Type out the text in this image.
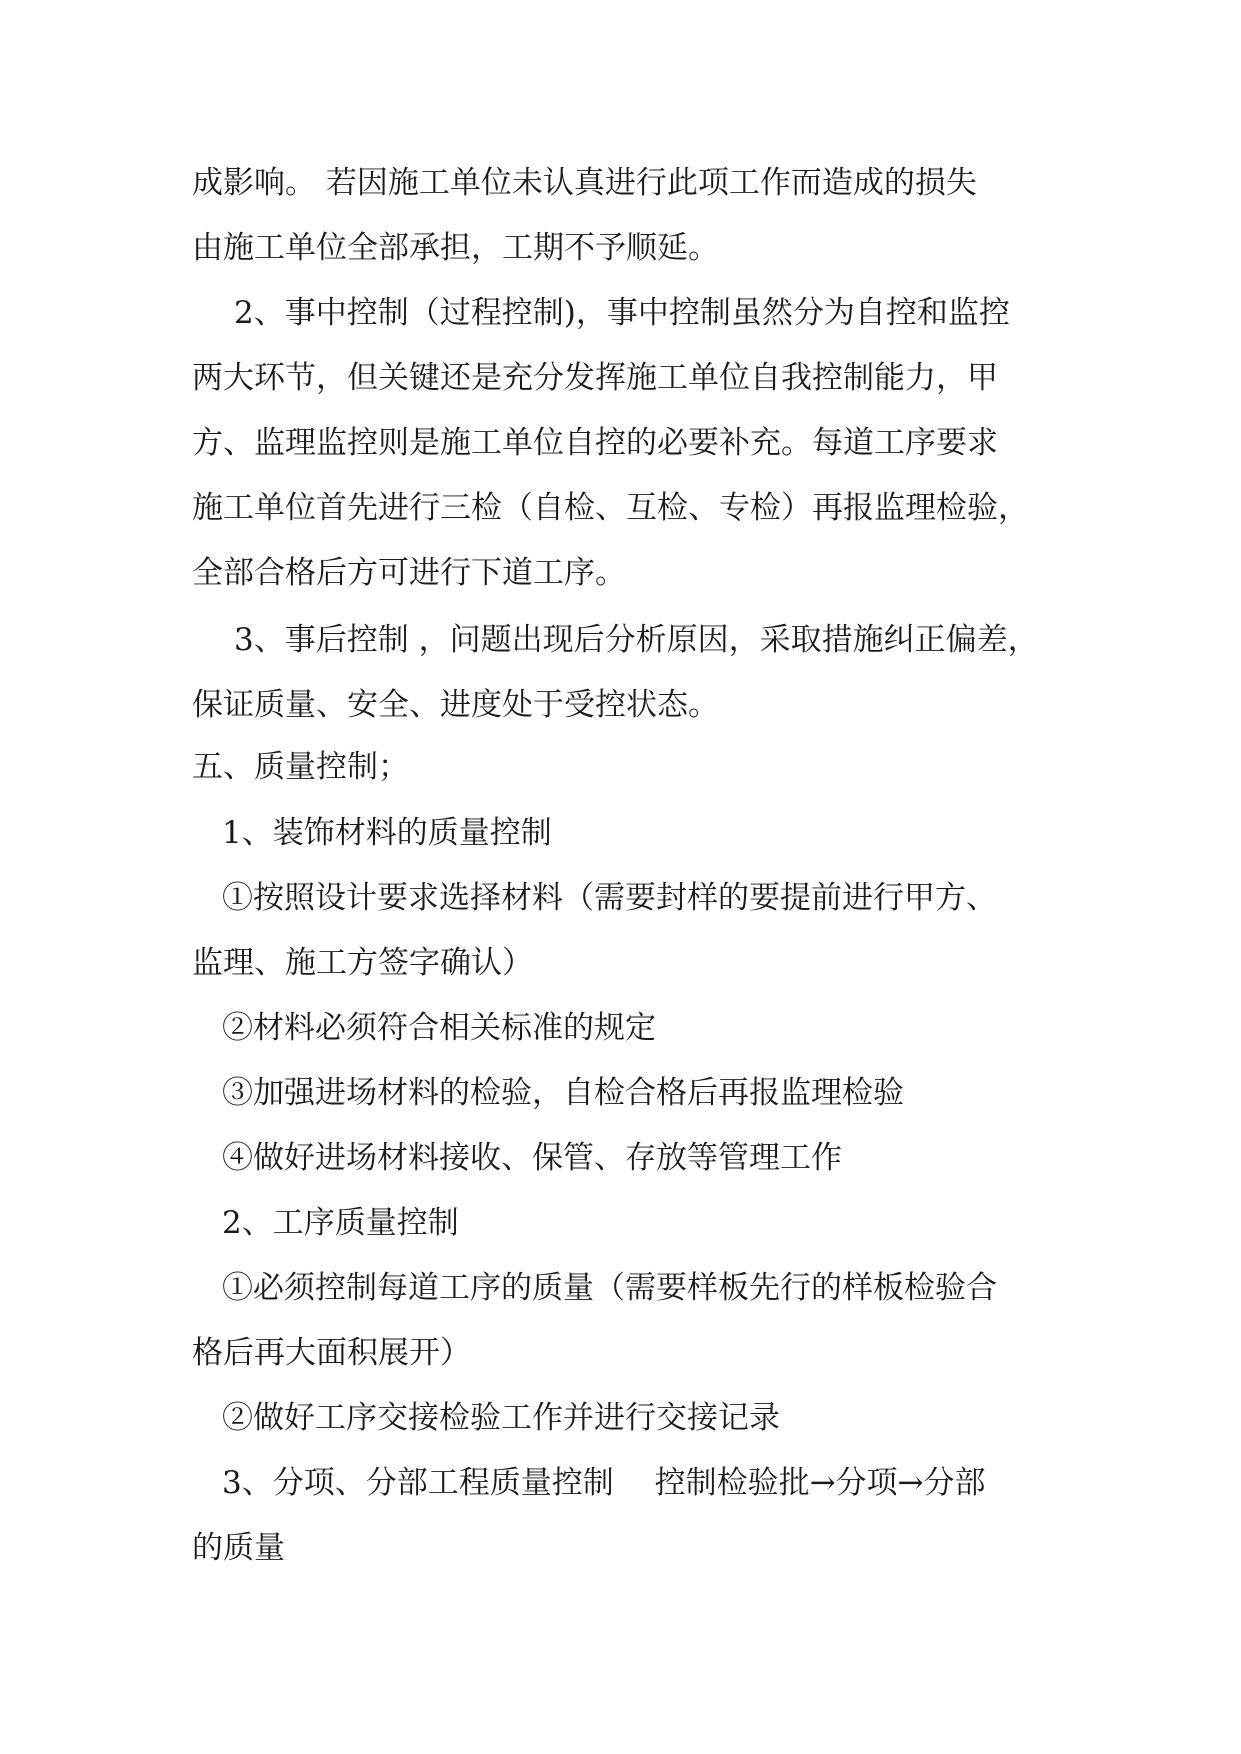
成影响。 若因施工单位未认真进行此项工作而造成的损失

由施工单位全部承担，工期不予顺延。

2、事中控制（过程控制)，事中控制虽然分为自控和监控

两大环节，但关键还是充分发挥施工单位自我控制能力，甲

方、监理监控则是施工单位自控的必要补充。每道工序要求

施工单位首先进行三检（自检、互检、专检）再报监理检验，

全部合格后方可进行下道工序。

3、事后控制 ，问题出现后分析原因，采取措施纠正偏差，

保证质量、安全、进度处于受控状态。

五、质量控制；

1、装饰材料的质量控制

①按照设计要求选择材料（需要封样的要提前进行甲方、

监理、施工方签字确认）

②材料必须符合相关标准的规定

③加强进场材料的检验，自检合格后再报监理检验

④做好进场材料接收、保管、存放等管理工作

2、工序质量控制

①必须控制每道工序的质量（需要样板先行的样板检验合

格后再大面积展开）

②做好工序交接检验工作并进行交接记录

3、分项、分部工程质量控制　 控制检验批→分项→分部

的质量
